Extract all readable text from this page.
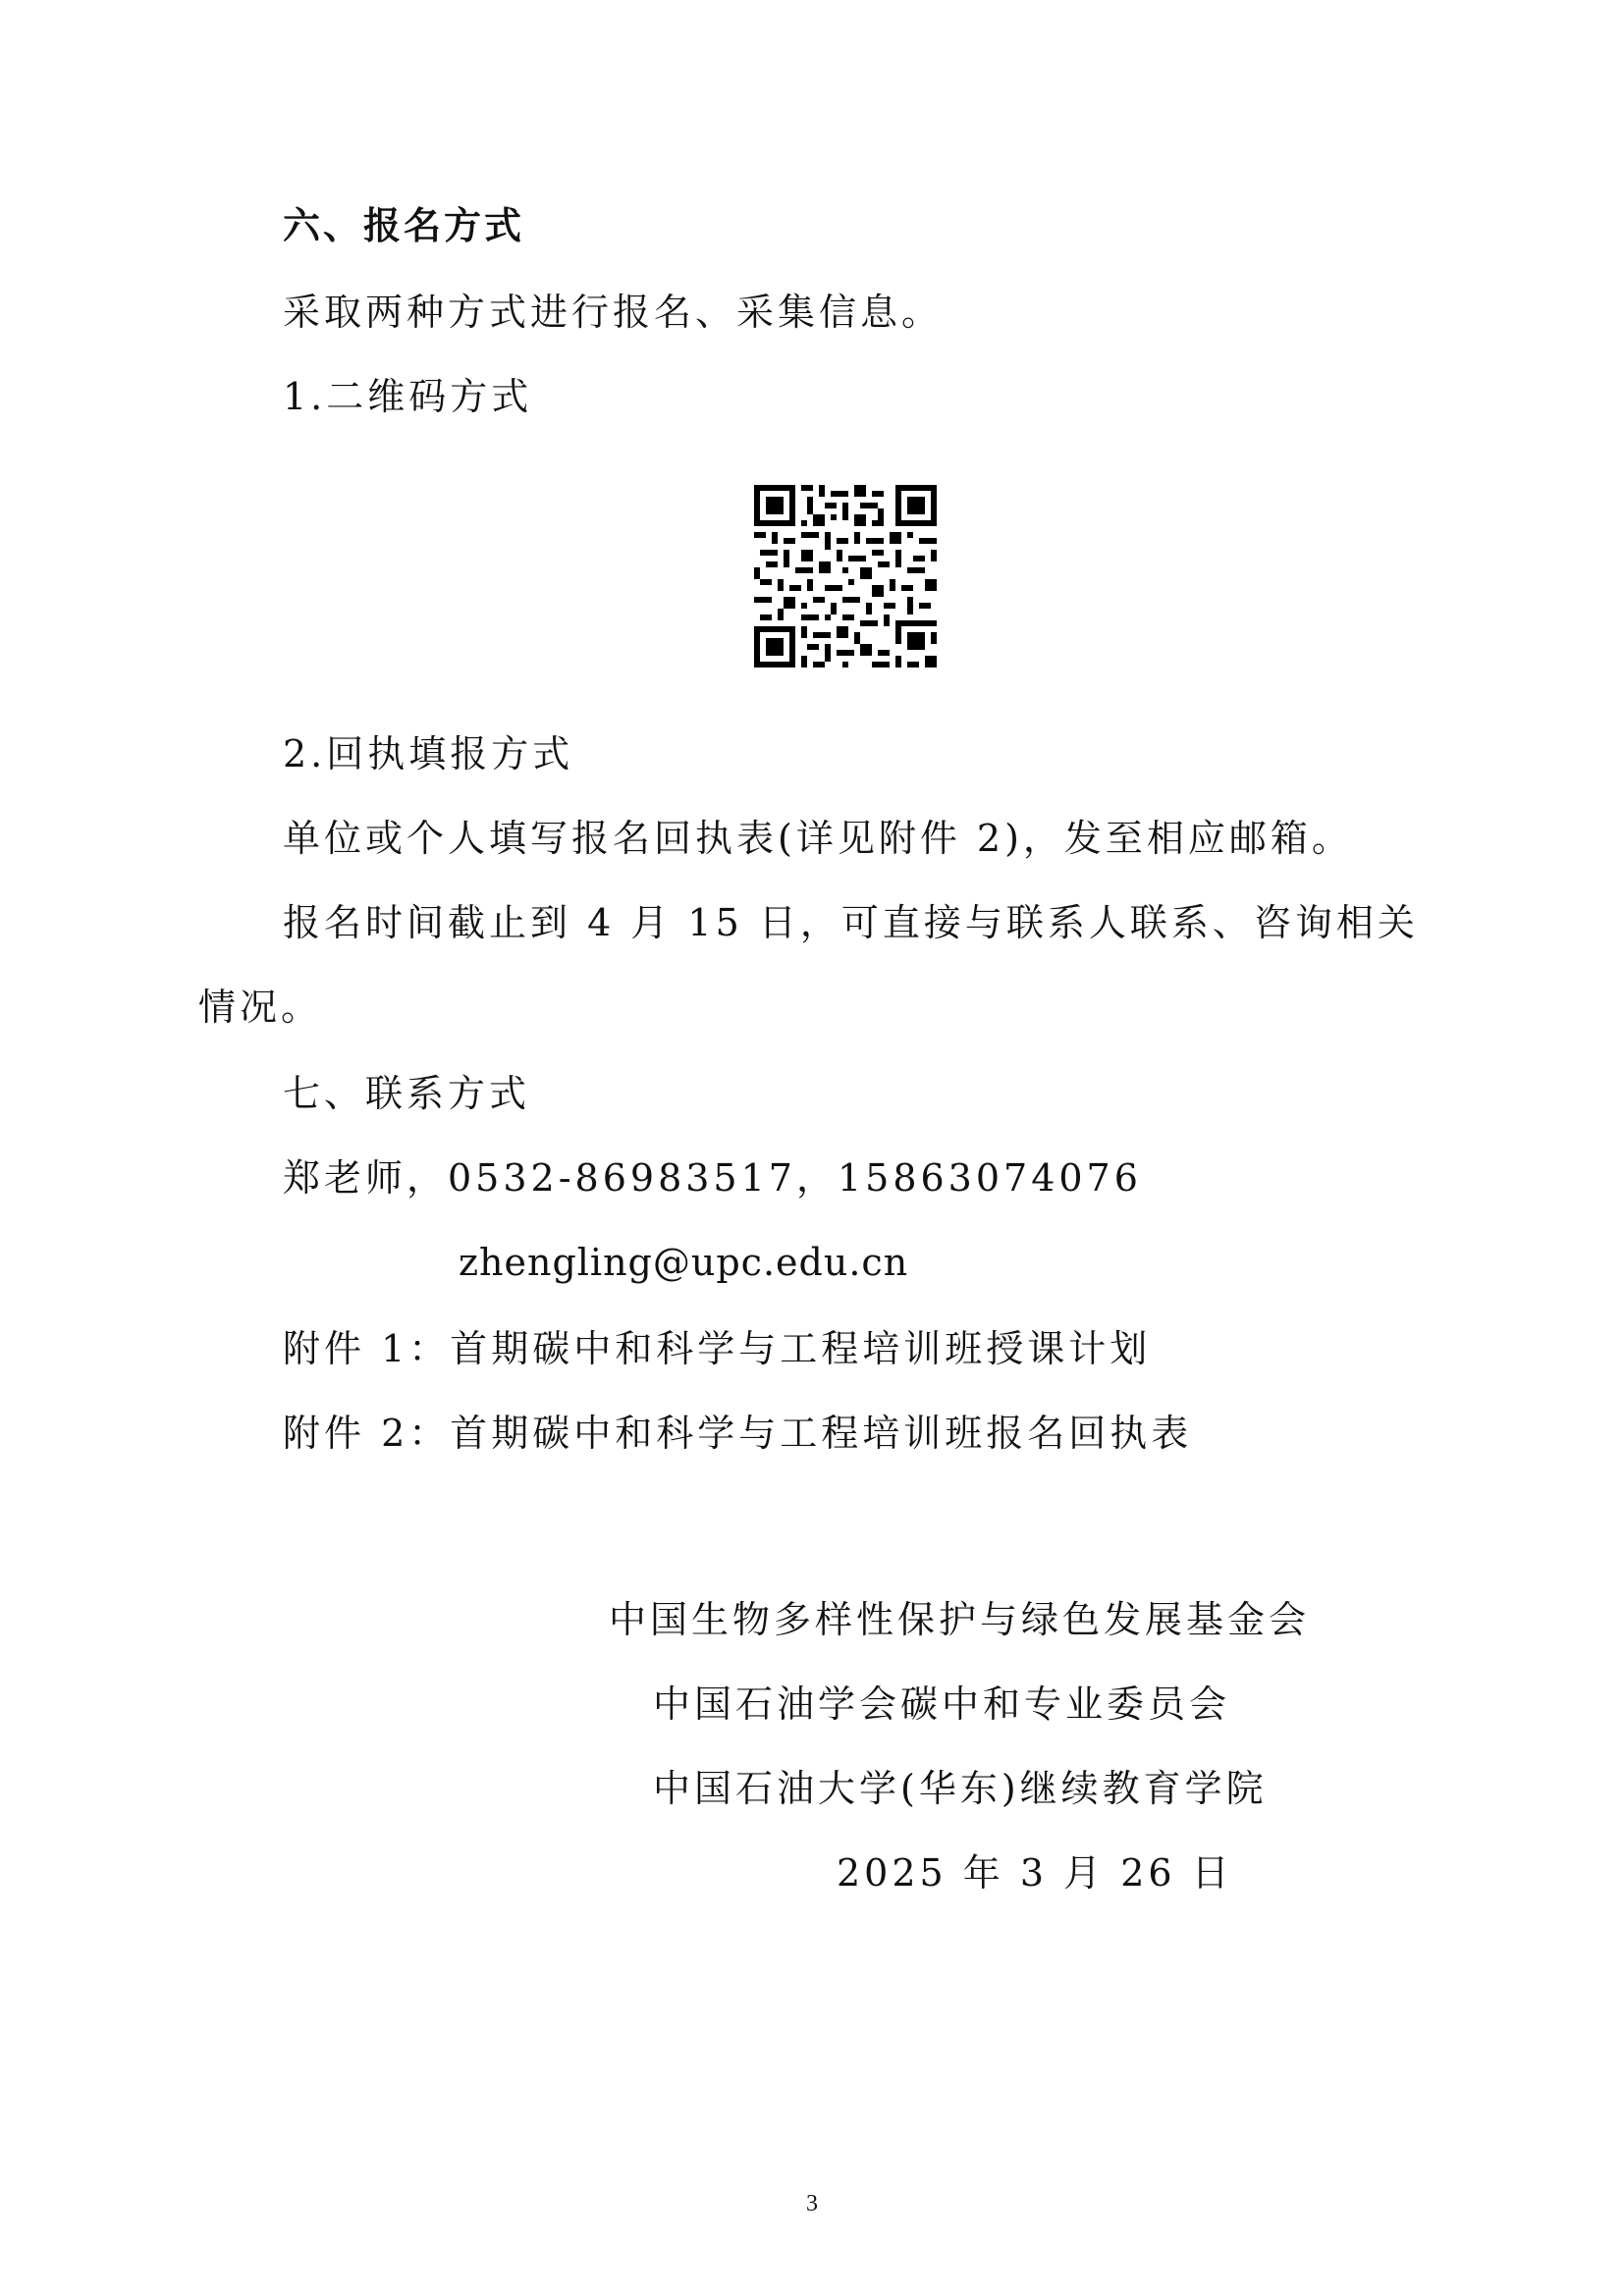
六、报名方式
采取两种方式进行报名、采集信息。
1.二维码方式
2.回执填报方式
单位或个人填写报名回执表(详见附件 2)，发至相应邮箱。
报名时间截止到 4 月 15 日，可直接与联系人联系、咨询相关
情况。
七、联系方式
郑老师，0532-86983517，15863074076
zhengling@upc.edu.cn
附件 1：首期碳中和科学与工程培训班授课计划
附件 2：首期碳中和科学与工程培训班报名回执表
中国生物多样性保护与绿色发展基金会
中国石油学会碳中和专业委员会
中国石油大学(华东)继续教育学院
2025 年 3 月 26 日
3
